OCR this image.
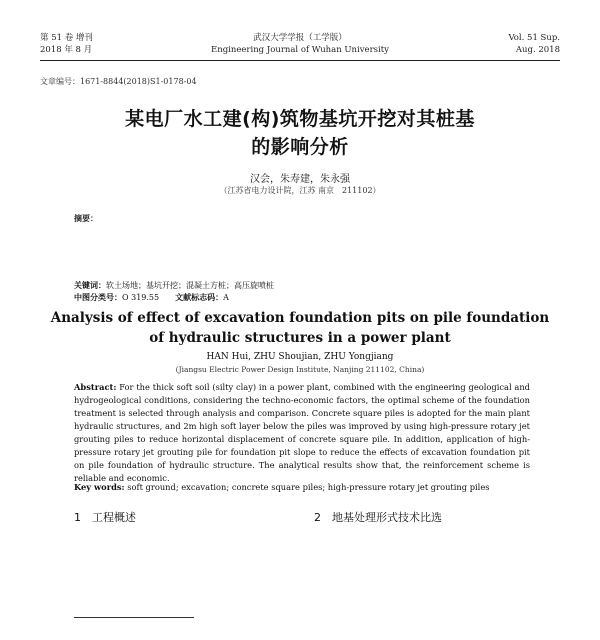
第 51 卷 增刊
2018 年 8 月
武汉大学学报（工学版）
Engineering Journal of Wuhan University
Vol. 51 Sup.
Aug. 2018
文章编号：1671-8844(2018)S1-0178-04
某电厂水工建(构)筑物基坑开挖对其桩基
的影响分析
汉会，朱寿建，朱永强
（江苏省电力设计院，江苏 南京　211102）
摘要：
关键词：软土场地；基坑开挖；混凝土方桩；高压旋喷桩
中图分类号：O 319.55　　 文献标志码：A
Analysis of effect of excavation foundation pits on pile foundation
of hydraulic structures in a power plant
HAN Hui, ZHU Shoujian, ZHU Yongjiang
(Jiangsu Electric Power Design Institute, Nanjing 211102, China)
Abstract: For the thick soft soil (silty clay) in a power plant, combined with the engineering geological and hydrogeological conditions, considering the techno-economic factors, the optimal scheme of the foundation treatment is selected through analysis and comparison. Concrete square piles is adopted for the main plant hydraulic structures, and 2m high soft layer below the piles was improved by using high-pressure rotary jet grouting piles to reduce horizontal displacement of concrete square pile. In addition, application of high-pressure rotary jet grouting pile for foundation pit slope to reduce the effects of excavation foundation pit on pile foundation of hydraulic structure. The analytical results show that, the reinforcement scheme is reliable and economic.
Key words: soft ground; excavation; concrete square piles; high-pressure rotary jet grouting piles
1　工程概述	2　地基处理形式技术比选
